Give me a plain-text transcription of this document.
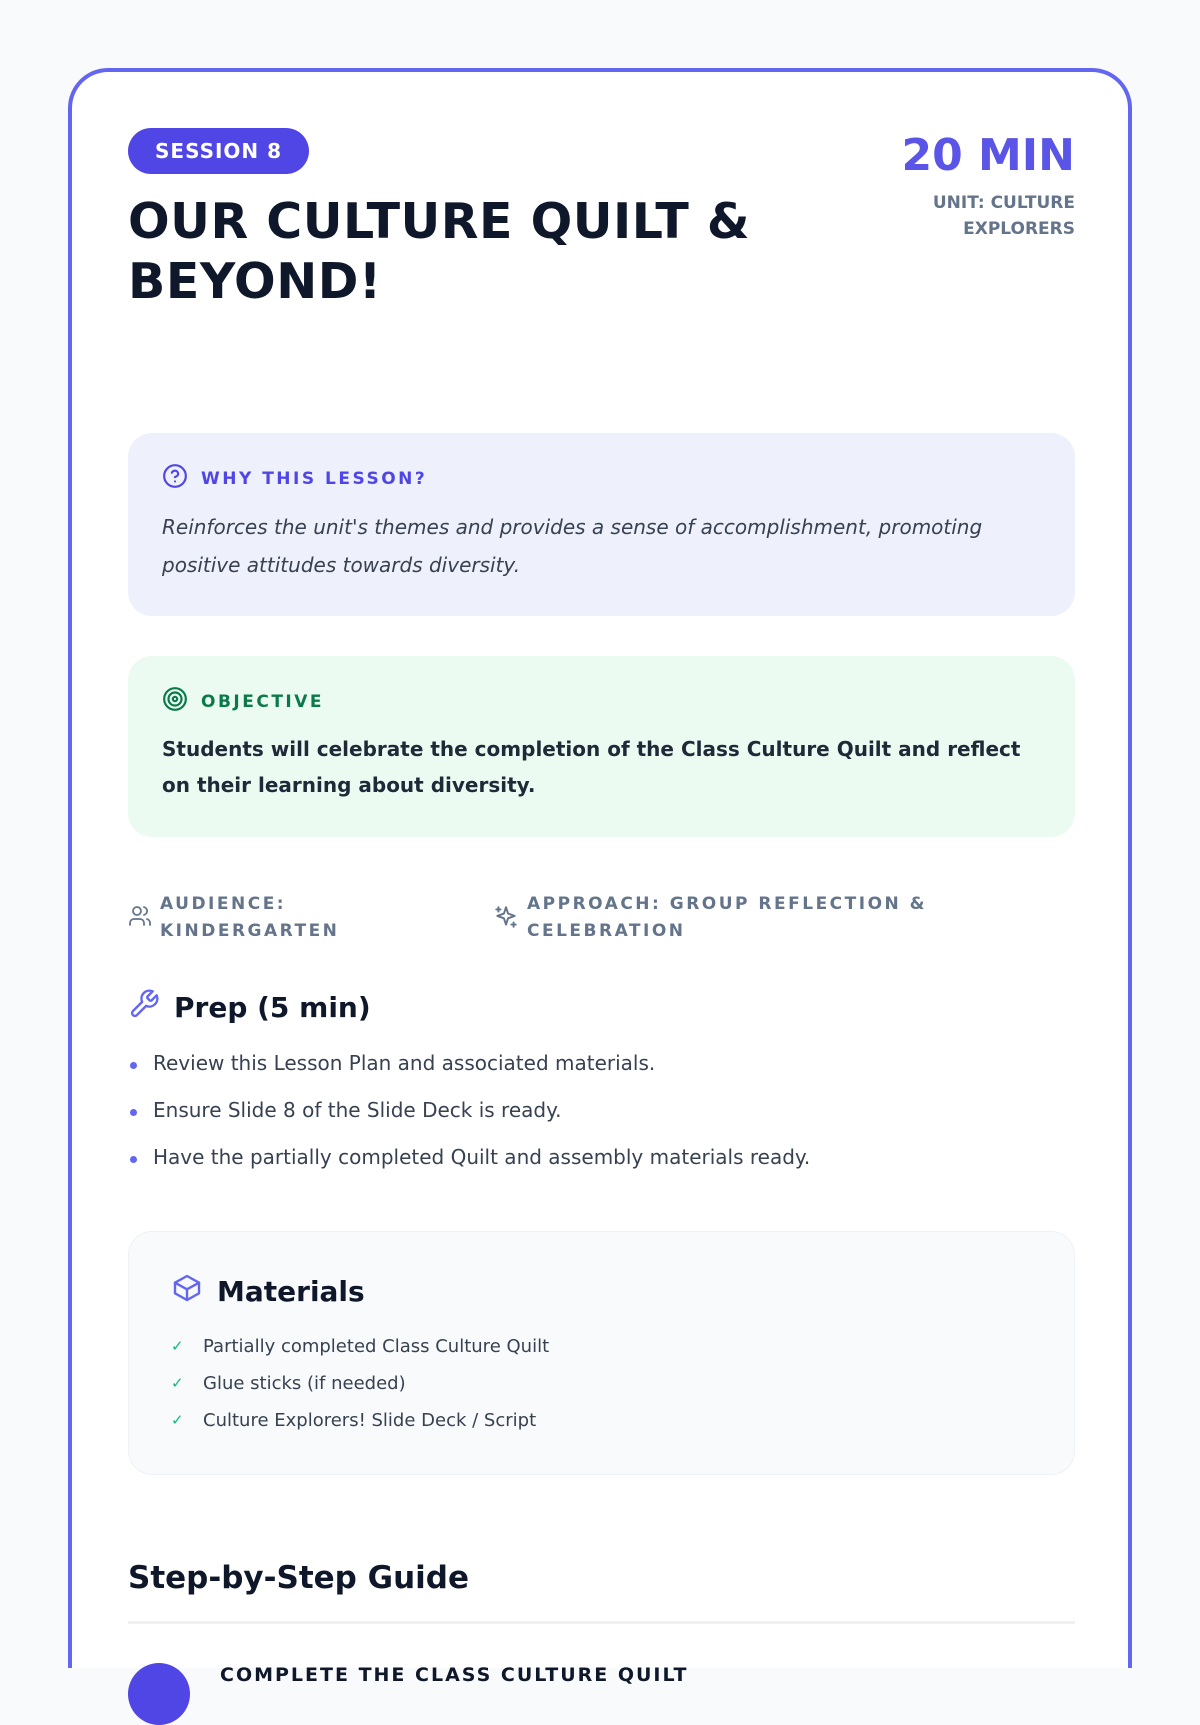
SESSION 8
OUR CULTURE QUILT & BEYOND!
20 MIN
UNIT: CULTURE EXPLORERS
WHY THIS LESSON?
Reinforces the unit's themes and provides a sense of accomplishment, promoting positive attitudes towards diversity.
OBJECTIVE
Students will celebrate the completion of the Class Culture Quilt and reflect on their learning about diversity.
AUDIENCE: KINDERGARTEN
APPROACH: GROUP REFLECTION & CELEBRATION
Prep (5 min)
Review this Lesson Plan and associated materials.
Ensure Slide 8 of the Slide Deck is ready.
Have the partially completed Quilt and assembly materials ready.
Materials
✓	Partially completed Class Culture Quilt
✓	Glue sticks (if needed)
✓	Culture Explorers! Slide Deck / Script
Step-by-Step Guide
COMPLETE THE CLASS CULTURE QUILT
